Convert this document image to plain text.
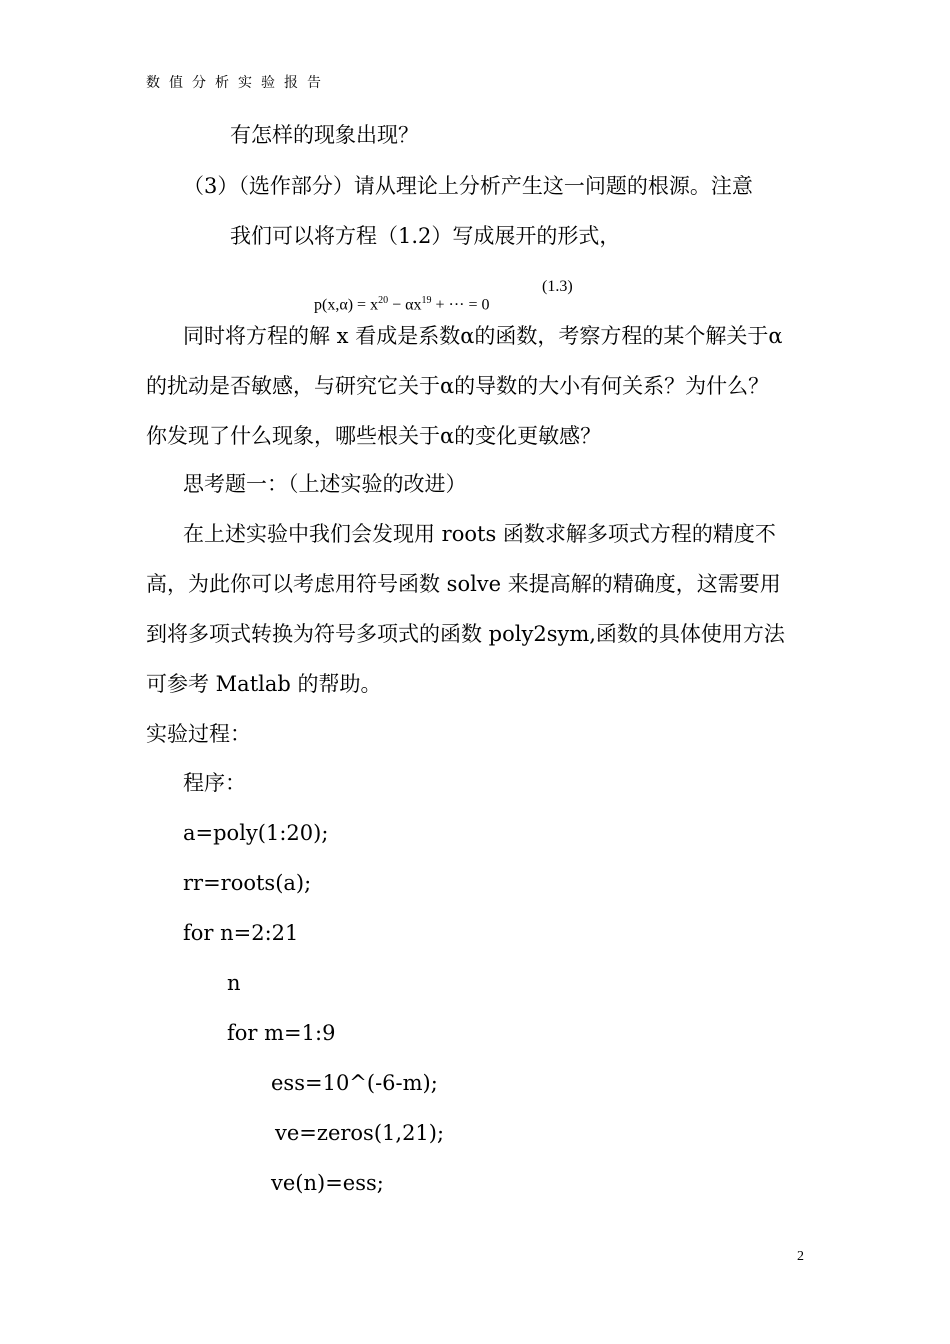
数值分析实验报告
有怎样的现象出现？
（3）（选作部分）请从理论上分析产生这一问题的根源。注意
我们可以将方程（1.2）写成展开的形式，

$p(x,\alpha) = x^{20} - \alpha x^{19}$ + ··· = 0

(1.3)
同时将方程的解 x 看成是系数α的函数，考察方程的某个解关于α
的扰动是否敏感，与研究它关于α的导数的大小有何关系？为什么？
你发现了什么现象，哪些根关于α的变化更敏感？
思考题一：（上述实验的改进）
在上述实验中我们会发现用 roots 函数求解多项式方程的精度不
高，为此你可以考虑用符号函数 solve 来提高解的精确度，这需要用
到将多项式转换为符号多项式的函数 poly2sym,函数的具体使用方法
可参考 Matlab 的帮助。
实验过程：
程序：
a=poly(1:20);
rr=roots(a);
for n=2:21
n
for m=1:9
ess=10^(-6-m);
ve=zeros(1,21);
ve(n)=ess;
2
